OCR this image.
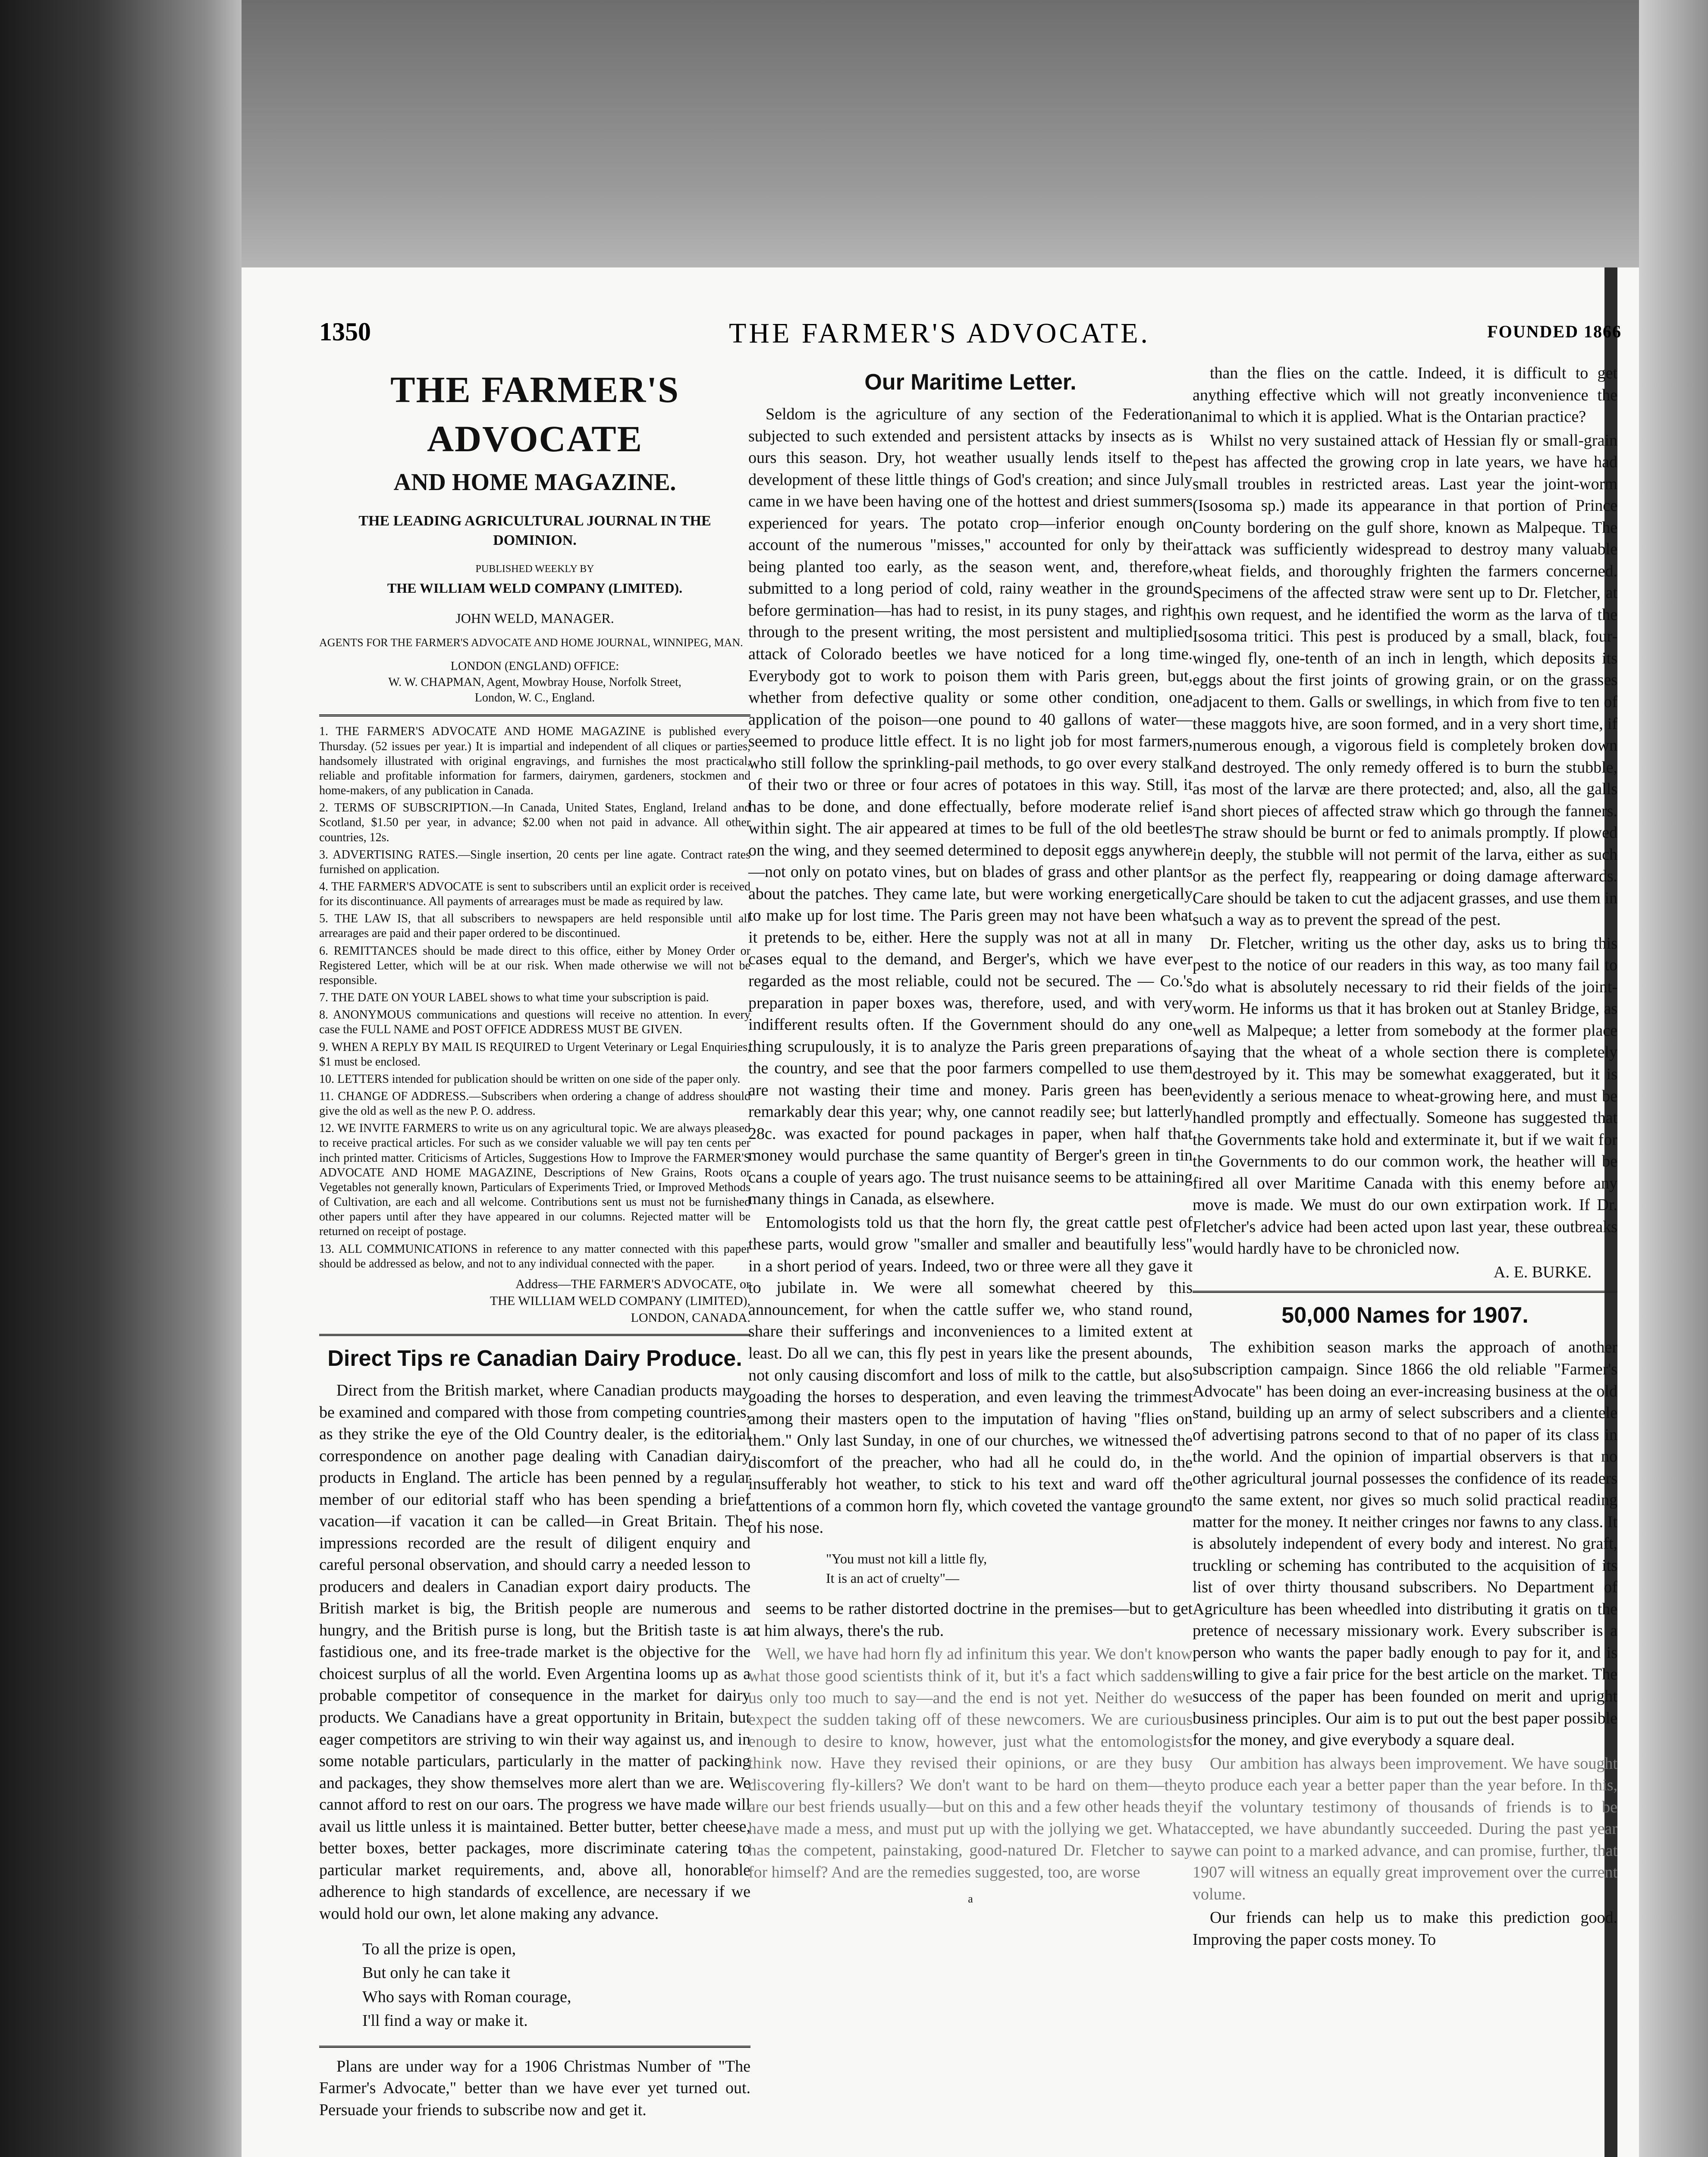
1350	THE FARMER'S ADVOCATE.	FOUNDED 1866
THE FARMER'S ADVOCATE
AND HOME MAGAZINE.
THE LEADING AGRICULTURAL JOURNAL IN THE DOMINION.
PUBLISHED WEEKLY BY
THE WILLIAM WELD COMPANY (LIMITED).
JOHN WELD, MANAGER.
AGENTS FOR THE FARMER'S ADVOCATE AND HOME JOURNAL, WINNIPEG, MAN.
LONDON (ENGLAND) OFFICE:
W. W. CHAPMAN, Agent, Mowbray House, Norfolk Street,
London, W. C., England.
1. THE FARMER'S ADVOCATE AND HOME MAGAZINE is published every Thursday. (52 issues per year.) It is impartial and independent of all cliques or parties, handsomely illustrated with original engravings, and furnishes the most practical, reliable and profitable information for farmers, dairymen, gardeners, stockmen and home-makers, of any publication in Canada.
2. TERMS OF SUBSCRIPTION.—In Canada, United States, England, Ireland and Scotland, $1.50 per year, in advance; $2.00 when not paid in advance. All other countries, 12s.
3. ADVERTISING RATES.—Single insertion, 20 cents per line agate. Contract rates furnished on application.
4. THE FARMER'S ADVOCATE is sent to subscribers until an explicit order is received for its discontinuance. All payments of arrearages must be made as required by law.
5. THE LAW IS, that all subscribers to newspapers are held responsible until all arrearages are paid and their paper ordered to be discontinued.
6. REMITTANCES should be made direct to this office, either by Money Order or Registered Letter, which will be at our risk. When made otherwise we will not be responsible.
7. THE DATE ON YOUR LABEL shows to what time your subscription is paid.
8. ANONYMOUS communications and questions will receive no attention. In every case the FULL NAME and POST OFFICE ADDRESS MUST BE GIVEN.
9. WHEN A REPLY BY MAIL IS REQUIRED to Urgent Veterinary or Legal Enquiries, $1 must be enclosed.
10. LETTERS intended for publication should be written on one side of the paper only.
11. CHANGE OF ADDRESS.—Subscribers when ordering a change of address should give the old as well as the new P. O. address.
12. WE INVITE FARMERS to write us on any agricultural topic. We are always pleased to receive practical articles. For such as we consider valuable we will pay ten cents per inch printed matter. Criticisms of Articles, Suggestions How to Improve the FARMER'S ADVOCATE AND HOME MAGAZINE, Descriptions of New Grains, Roots or Vegetables not generally known, Particulars of Experiments Tried, or Improved Methods of Cultivation, are each and all welcome. Contributions sent us must not be furnished other papers until after they have appeared in our columns. Rejected matter will be returned on receipt of postage.
13. ALL COMMUNICATIONS in reference to any matter connected with this paper should be addressed as below, and not to any individual connected with the paper.
Address—THE FARMER'S ADVOCATE, or
THE WILLIAM WELD COMPANY (LIMITED),
LONDON, CANADA.
Direct Tips re Canadian Dairy Produce.

Direct from the British market, where Canadian products may be examined and compared with those from competing countries, as they strike the eye of the Old Country dealer, is the editorial correspondence on another page dealing with Canadian dairy products in England. The article has been penned by a regular member of our editorial staff who has been spending a brief vacation—if vacation it can be called—in Great Britain. The impressions recorded are the result of diligent enquiry and careful personal observation, and should carry a needed lesson to producers and dealers in Canadian export dairy products. The British market is big, the British people are numerous and hungry, and the British purse is long, but the British taste is a fastidious one, and its free-trade market is the objective for the choicest surplus of all the world. Even Argentina looms up as a probable competitor of consequence in the market for dairy products. We Canadians have a great opportunity in Britain, but eager competitors are striving to win their way against us, and in some notable particulars, particularly in the matter of packing and packages, they show themselves more alert than we are. We cannot afford to rest on our oars. The progress we have made will avail us little unless it is maintained. Better butter, better cheese, better boxes, better packages, more discriminate catering to particular market requirements, and, above all, honorable adherence to high standards of excellence, are necessary if we would hold our own, let alone making any advance.

To all the prize is open,
But only he can take it
Who says with Roman courage,
I'll find a way or make it.

Plans are under way for a 1906 Christmas Number of "The Farmer's Advocate," better than we have ever yet turned out. Persuade your friends to subscribe now and get it.

Our Maritime Letter.

Seldom is the agriculture of any section of the Federation subjected to such extended and persistent attacks by insects as is ours this season. Dry, hot weather usually lends itself to the development of these little things of God's creation; and since July came in we have been having one of the hottest and driest summers experienced for years. The potato crop—inferior enough on account of the numerous "misses," accounted for only by their being planted too early, as the season went, and, therefore, submitted to a long period of cold, rainy weather in the ground before germination—has had to resist, in its puny stages, and right through to the present writing, the most persistent and multiplied attack of Colorado beetles we have noticed for a long time. Everybody got to work to poison them with Paris green, but, whether from defective quality or some other condition, one application of the poison—one pound to 40 gallons of water—seemed to produce little effect. It is no light job for most farmers, who still follow the sprinkling-pail methods, to go over every stalk of their two or three or four acres of potatoes in this way. Still, it has to be done, and done effectually, before moderate relief is within sight. The air appeared at times to be full of the old beetles on the wing, and they seemed determined to deposit eggs anywhere—not only on potato vines, but on blades of grass and other plants about the patches. They came late, but were working energetically to make up for lost time. The Paris green may not have been what it pretends to be, either. Here the supply was not at all in many cases equal to the demand, and Berger's, which we have ever regarded as the most reliable, could not be secured. The — Co.'s preparation in paper boxes was, therefore, used, and with very indifferent results often. If the Government should do any one thing scrupulously, it is to analyze the Paris green preparations of the country, and see that the poor farmers compelled to use them are not wasting their time and money. Paris green has been remarkably dear this year; why, one cannot readily see; but latterly 28c. was exacted for pound packages in paper, when half that money would purchase the same quantity of Berger's green in tin cans a couple of years ago. The trust nuisance seems to be attaining many things in Canada, as elsewhere.

Entomologists told us that the horn fly, the great cattle pest of these parts, would grow "smaller and smaller and beautifully less" in a short period of years. Indeed, two or three were all they gave it to jubilate in. We were all somewhat cheered by this announcement, for when the cattle suffer we, who stand round, share their sufferings and inconveniences to a limited extent at least. Do all we can, this fly pest in years like the present abounds, not only causing discomfort and loss of milk to the cattle, but also goading the horses to desperation, and even leaving the trimmest among their masters open to the imputation of having "flies on them." Only last Sunday, in one of our churches, we witnessed the discomfort of the preacher, who had all he could do, in the insufferably hot weather, to stick to his text and ward off the attentions of a common horn fly, which coveted the vantage ground of his nose.

"You must not kill a little fly,
It is an act of cruelty"—

seems to be rather distorted doctrine in the premises—but to get at him always, there's the rub.

Well, we have had horn fly ad infinitum this year. We don't know what those good scientists think of it, but it's a fact which saddens us only too much to say—and the end is not yet. Neither do we expect the sudden taking off of these newcomers. We are curious enough to desire to know, however, just what the entomologists think now. Have they revised their opinions, or are they busy discovering fly-killers? We don't want to be hard on them—they are our best friends usually—but on this and a few other heads they have made a mess, and must put up with the jollying we get. What has the competent, painstaking, good-natured Dr. Fletcher to say for himself? And are the remedies suggested, too, are worse

a

than the flies on the cattle. Indeed, it is difficult to get anything effective which will not greatly inconvenience the animal to which it is applied. What is the Ontarian practice?

Whilst no very sustained attack of Hessian fly or small-grain pest has affected the growing crop in late years, we have had small troubles in restricted areas. Last year the joint-worm (Isosoma sp.) made its appearance in that portion of Prince County bordering on the gulf shore, known as Malpeque. The attack was sufficiently widespread to destroy many valuable wheat fields, and thoroughly frighten the farmers concerned. Specimens of the affected straw were sent up to Dr. Fletcher, at his own request, and he identified the worm as the larva of the Isosoma tritici. This pest is produced by a small, black, four-winged fly, one-tenth of an inch in length, which deposits its eggs about the first joints of growing grain, or on the grasses adjacent to them. Galls or swellings, in which from five to ten of these maggots hive, are soon formed, and in a very short time, if numerous enough, a vigorous field is completely broken down and destroyed. The only remedy offered is to burn the stubble, as most of the larvæ are there protected; and, also, all the galls and short pieces of affected straw which go through the fanners. The straw should be burnt or fed to animals promptly. If plowed in deeply, the stubble will not permit of the larva, either as such or as the perfect fly, reappearing or doing damage afterwards. Care should be taken to cut the adjacent grasses, and use them in such a way as to prevent the spread of the pest.

Dr. Fletcher, writing us the other day, asks us to bring this pest to the notice of our readers in this way, as too many fail to do what is absolutely necessary to rid their fields of the joint-worm. He informs us that it has broken out at Stanley Bridge, as well as Malpeque; a letter from somebody at the former place saying that the wheat of a whole section there is completely destroyed by it. This may be somewhat exaggerated, but it is evidently a serious menace to wheat-growing here, and must be handled promptly and effectually. Someone has suggested that the Governments take hold and exterminate it, but if we wait for the Governments to do our common work, the heather will be fired all over Maritime Canada with this enemy before any move is made. We must do our own extirpation work. If Dr. Fletcher's advice had been acted upon last year, these outbreaks would hardly have to be chronicled now.

A. E. BURKE.
50,000 Names for 1907.

The exhibition season marks the approach of another subscription campaign. Since 1866 the old reliable "Farmer's Advocate" has been doing an ever-increasing business at the old stand, building up an army of select subscribers and a clientele of advertising patrons second to that of no paper of its class in the world. And the opinion of impartial observers is that no other agricultural journal possesses the confidence of its readers to the same extent, nor gives so much solid practical reading matter for the money. It neither cringes nor fawns to any class. It is absolutely independent of every body and interest. No graft, truckling or scheming has contributed to the acquisition of its list of over thirty thousand subscribers. No Department of Agriculture has been wheedled into distributing it gratis on the pretence of necessary missionary work. Every subscriber is a person who wants the paper badly enough to pay for it, and is willing to give a fair price for the best article on the market. The success of the paper has been founded on merit and upright business principles. Our aim is to put out the best paper possible for the money, and give everybody a square deal.

Our ambition has always been improvement. We have sought to produce each year a better paper than the year before. In this, if the voluntary testimony of thousands of friends is to be accepted, we have abundantly succeeded. During the past year we can point to a marked advance, and can promise, further, that 1907 will witness an equally great improvement over the current volume.

Our friends can help us to make this prediction good. Improving the paper costs money. To
